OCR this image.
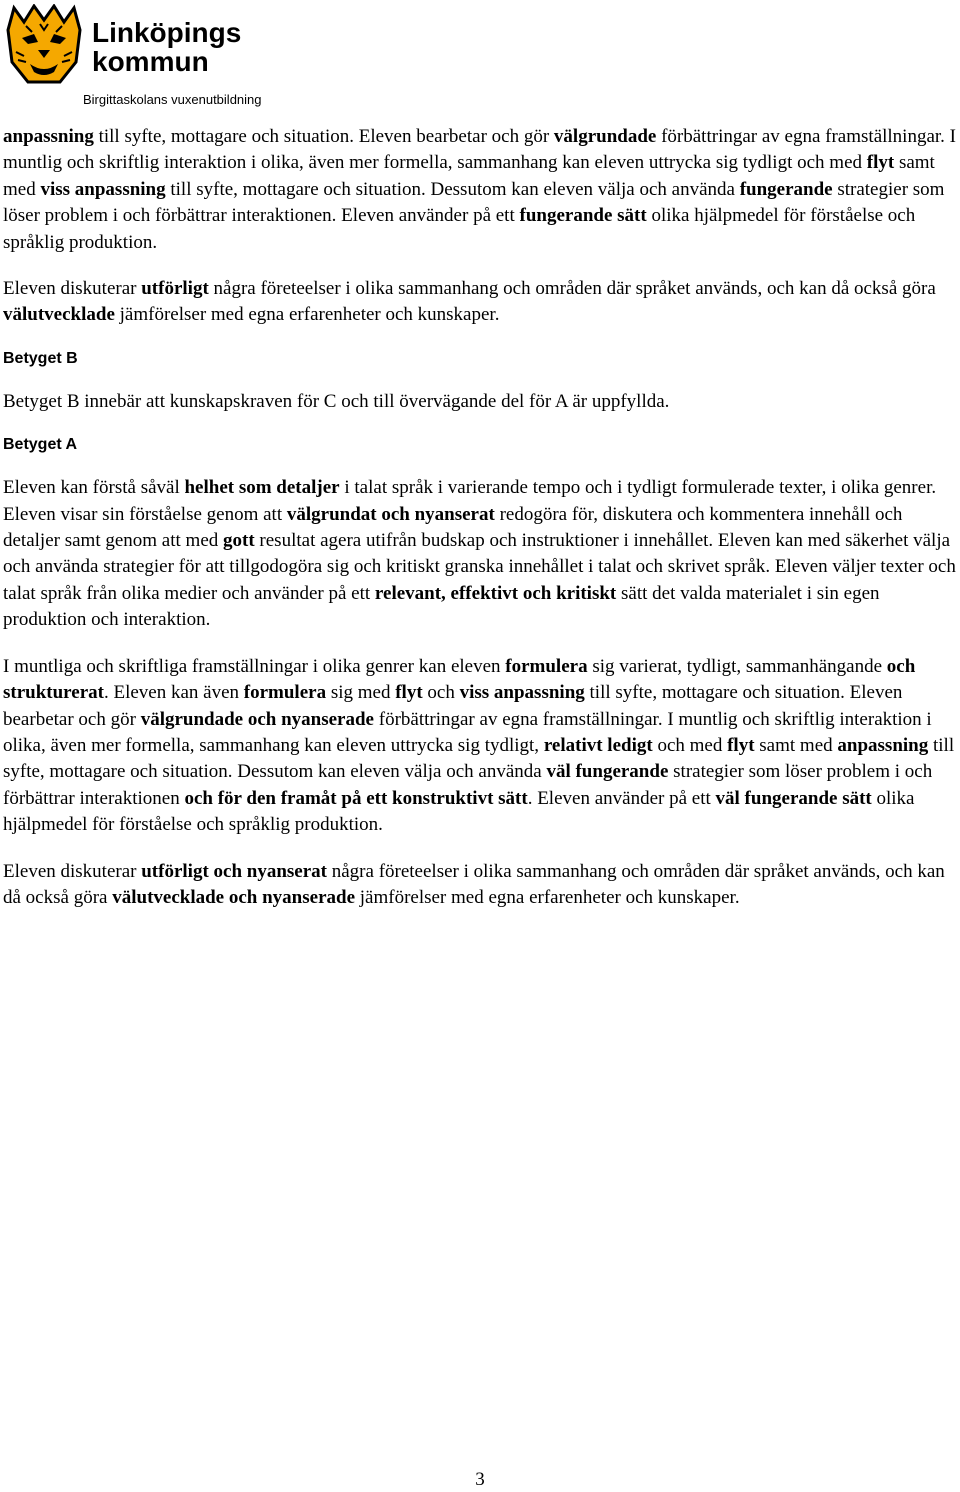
Linköpings
kommun
Birgittaskolans vuxenutbildning

anpassning till syfte, mottagare och situation. Eleven bearbetar och gör välgrundade förbättringar av egna framställningar. I muntlig och skriftlig interaktion i olika, även mer formella, sammanhang kan eleven uttrycka sig tydligt och med flyt samt med viss anpassning till syfte, mottagare och situation. Dessutom kan eleven välja och använda fungerande strategier som löser problem i och förbättrar interaktionen. Eleven använder på ett fungerande sätt olika hjälpmedel för förståelse och språklig produktion.

Eleven diskuterar utförligt några företeelser i olika sammanhang och områden där språket används, och kan då också göra välutvecklade jämförelser med egna erfarenheter och kunskaper.

Betyget B

Betyget B innebär att kunskapskraven för C och till övervägande del för A är uppfyllda.

Betyget A

Eleven kan förstå såväl helhet som detaljer i talat språk i varierande tempo och i tydligt formulerade texter, i olika genrer. Eleven visar sin förståelse genom att välgrundat och nyanserat redogöra för, diskutera och kommentera innehåll och detaljer samt genom att med gott resultat agera utifrån budskap och instruktioner i innehållet. Eleven kan med säkerhet välja och använda strategier för att tillgodogöra sig och kritiskt granska innehållet i talat och skrivet språk. Eleven väljer texter och talat språk från olika medier och använder på ett relevant, effektivt och kritiskt sätt det valda materialet i sin egen produktion och interaktion.

I muntliga och skriftliga framställningar i olika genrer kan eleven formulera sig varierat, tydligt, sammanhängande och strukturerat. Eleven kan även formulera sig med flyt och viss anpassning till syfte, mottagare och situation. Eleven bearbetar och gör välgrundade och nyanserade förbättringar av egna framställningar. I muntlig och skriftlig interaktion i olika, även mer formella, sammanhang kan eleven uttrycka sig tydligt, relativt ledigt och med flyt samt med anpassning till syfte, mottagare och situation. Dessutom kan eleven välja och använda väl fungerande strategier som löser problem i och förbättrar interaktionen och för den framåt på ett konstruktivt sätt. Eleven använder på ett väl fungerande sätt olika hjälpmedel för förståelse och språklig produktion.

Eleven diskuterar utförligt och nyanserat några företeelser i olika sammanhang och områden där språket används, och kan då också göra välutvecklade och nyanserade jämförelser med egna erfarenheter och kunskaper.

3
